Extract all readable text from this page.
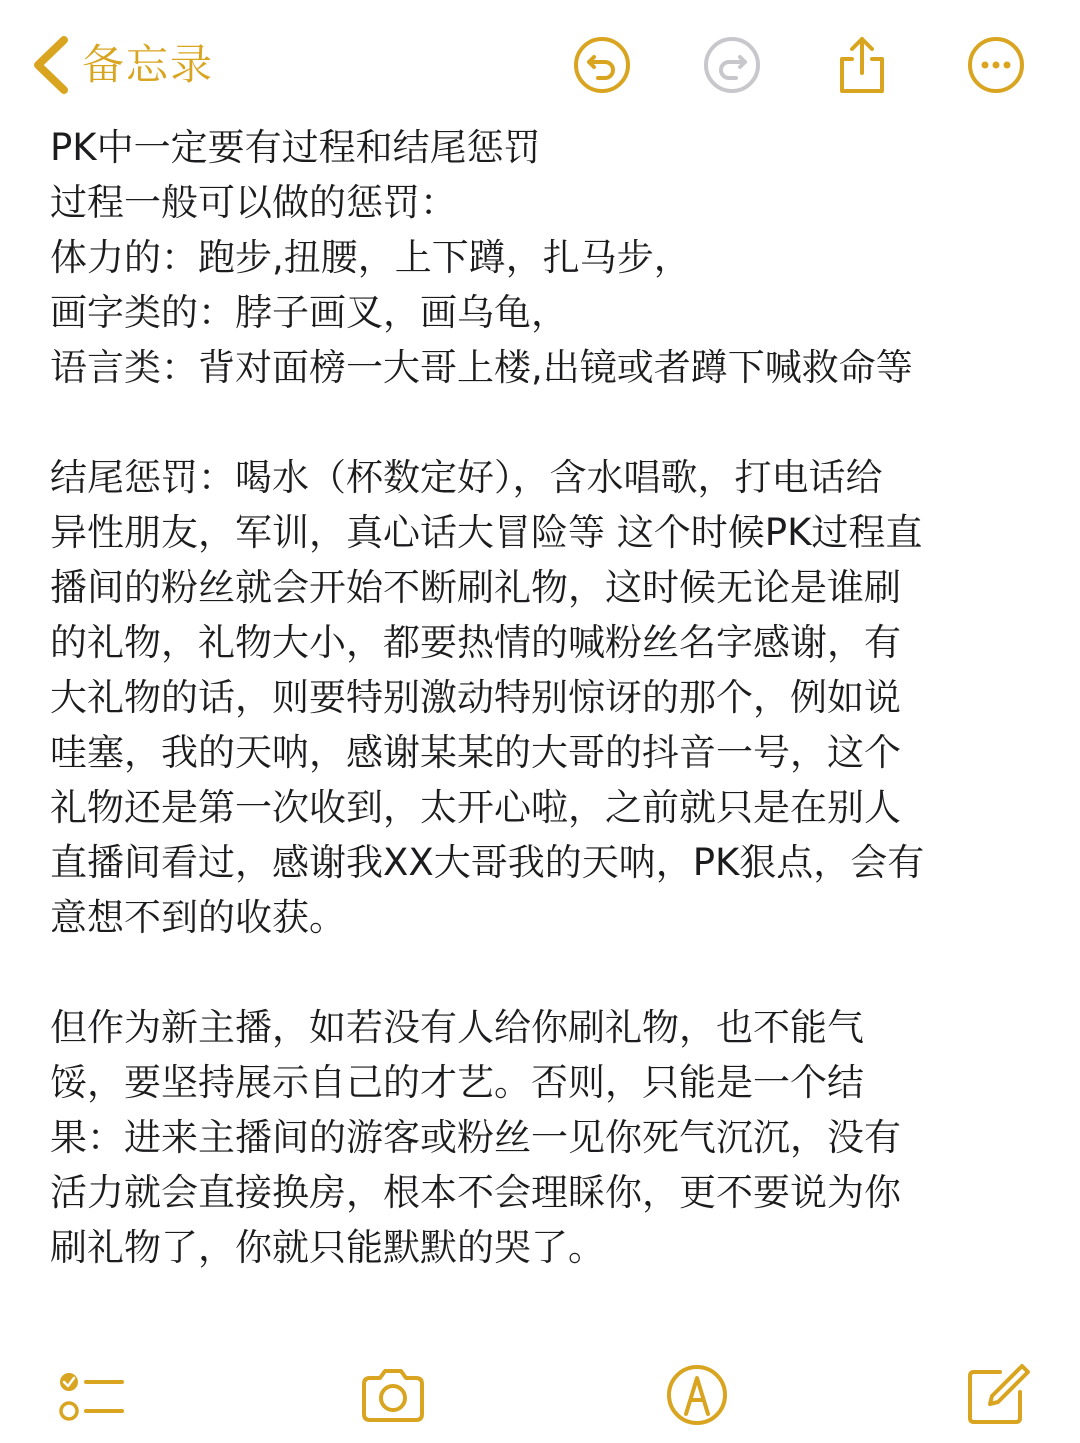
备忘录
PK中一定要有过程和结尾惩罚
过程一般可以做的惩罚：
体力的：跑步,扭腰，上下蹲，扎马步，
画字类的：脖子画叉，画乌龟，
语言类：背对面榜一大哥上楼,出镜或者蹲下喊救命等
结尾惩罚：喝水（杯数定好），含水唱歌，打电话给
异性朋友，军训，真心话大冒险等 这个时候PK过程直
播间的粉丝就会开始不断刷礼物，这时候无论是谁刷
的礼物，礼物大小，都要热情的喊粉丝名字感谢，有
大礼物的话，则要特别激动特别惊讶的那个，例如说
哇塞，我的天呐，感谢某某的大哥的抖音一号，这个
礼物还是第一次收到，太开心啦，之前就只是在别人
直播间看过，感谢我XX大哥我的天呐，PK狠点，会有
意想不到的收获。
但作为新主播，如若没有人给你刷礼物，也不能气
馁，要坚持展示自己的才艺。否则，只能是一个结
果：进来主播间的游客或粉丝一见你死气沉沉，没有
活力就会直接换房，根本不会理睬你，更不要说为你
刷礼物了，你就只能默默的哭了。
